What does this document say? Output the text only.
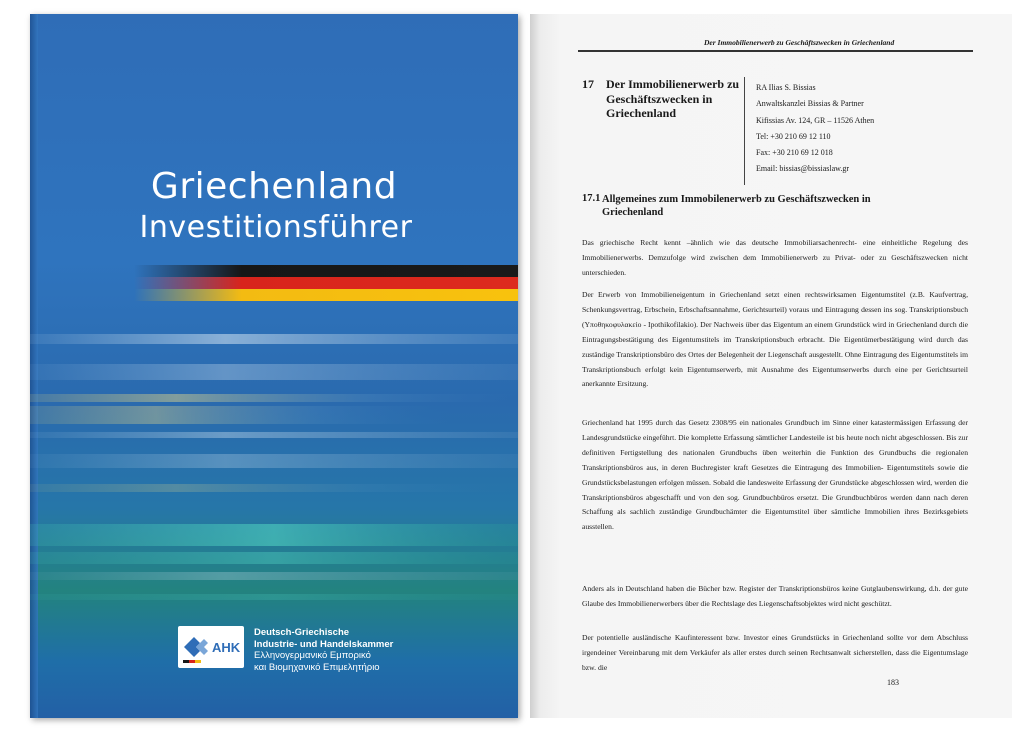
Griechenland
Investitionsführer
AHK
Deutsch-Griechische
Industrie- und Handelskammer
Ελληνογερμανικό Εμπορικό
και Βιομηχανικό Επιμελητήριο
Der Immobilienerwerb zu Geschäftszwecken in Griechenland
17 Der Immobilienerwerb zu Geschäftszwecken in Griechenland
RA Ilias S. Bissias
Anwaltskanzlei Bissias & Partner
Kifissias Av. 124, GR – 11526 Athen
Tel: +30 210 69 12 110
Fax: +30 210 69 12 018
Email: bissias@bissiaslaw.gr
17.1 Allgemeines zum Immobilenerwerb zu Geschäftszwecken in Griechenland

Das griechische Recht kennt –ähnlich wie das deutsche Immobiliarsachenrecht- eine einheitliche Regelung des Immobilienerwerbs. Demzufolge wird zwischen dem Immobilienerwerb zu Privat- oder zu Geschäftszwecken nicht unterschieden.

Der Erwerb von Immobilieneigentum in Griechenland setzt einen rechtswirksamen Eigentumstitel (z.B. Kaufvertrag, Schenkungsvertrag, Erbschein, Erbschaftsannahme, Gerichtsurteil) voraus und Eintragung dessen ins sog. Transkriptionsbuch (Υποθηκοφυλακείο - Ipothikofilakio). Der Nachweis über das Eigentum an einem Grundstück wird in Griechenland durch die Eintragungsbestätigung des Eigentumstitels im Transkriptionsbuch erbracht. Die Eigentümerbestätigung wird durch das zuständige Transkriptionsbüro des Ortes der Belegenheit der Liegenschaft ausgestellt. Ohne Eintragung des Eigentumstitels im Transkriptionsbuch erfolgt kein Eigentumserwerb, mit Ausnahme des Eigentumserwerbs durch eine per Gerichtsurteil anerkannte Ersitzung.

Griechenland hat 1995 durch das Gesetz 2308/95 ein nationales Grundbuch im Sinne einer katastermässigen Erfassung der Landesgrundstücke eingeführt. Die komplette Erfassung sämtlicher Landesteile ist bis heute noch nicht abgeschlossen. Bis zur definitiven Fertigstellung des nationalen Grundbuchs üben weiterhin die Funktion des Grundbuchs die regionalen Transkriptionsbüros aus, in deren Buchregister kraft Gesetzes die Eintragung des Immobilien- Eigentumstitels sowie die Grundstücksbelastungen erfolgen müssen. Sobald die landesweite Erfassung der Grundstücke abgeschlossen wird, werden die Transkriptionsbüros abgeschafft und von den sog. Grundbuchbüros ersetzt. Die Grundbuchbüros werden dann nach deren Schaffung als sachlich zuständige Grundbuchämter die Eigentumstitel über sämtliche Immobilien ihres Bezirksgebiets ausstellen.

Anders als in Deutschland haben die Bücher bzw. Register der Transkriptionsbüros keine Gutglaubenswirkung, d.h. der gute Glaube des Immobilienerwerbers über die Rechtslage des Liegenschaftsobjektes wird nicht geschützt.

Der potentielle ausländische Kaufinteressent bzw. Investor eines Grundstücks in Griechenland sollte vor dem Abschluss irgendeiner Vereinbarung mit dem Verkäufer als aller erstes durch seinen Rechtsanwalt sicherstellen, dass die Eigentumslage bzw. die

183
